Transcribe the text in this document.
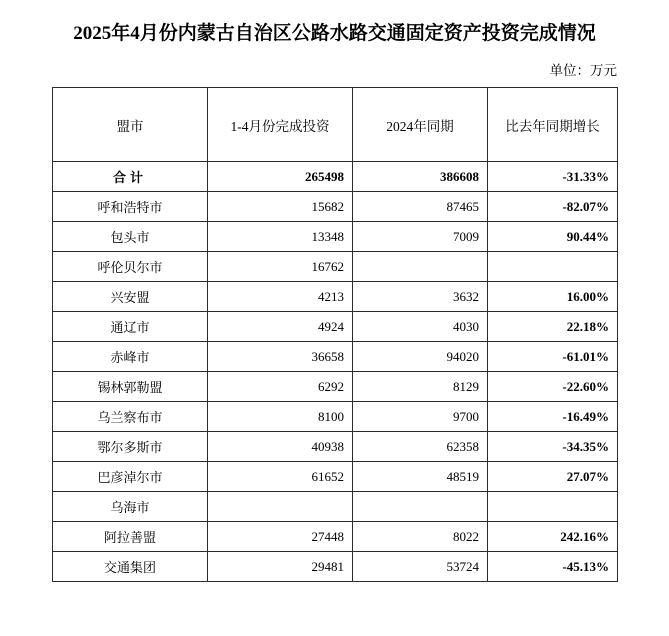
2025年4月份内蒙古自治区公路水路交通固定资产投资完成情况
单位：万元
盟市	1-4月份完成投资	2024年同期	比去年同期增长
合计	265498	386608	-31.33%
呼和浩特市	15682	87465	-82.07%
包头市	13348	7009	90.44%
呼伦贝尔市	16762		
兴安盟	4213	3632	16.00%
通辽市	4924	4030	22.18%
赤峰市	36658	94020	-61.01%
锡林郭勒盟	6292	8129	-22.60%
乌兰察布市	8100	9700	-16.49%
鄂尔多斯市	40938	62358	-34.35%
巴彦淖尔市	61652	48519	27.07%
乌海市			
阿拉善盟	27448	8022	242.16%
交通集团	29481	53724	-45.13%
